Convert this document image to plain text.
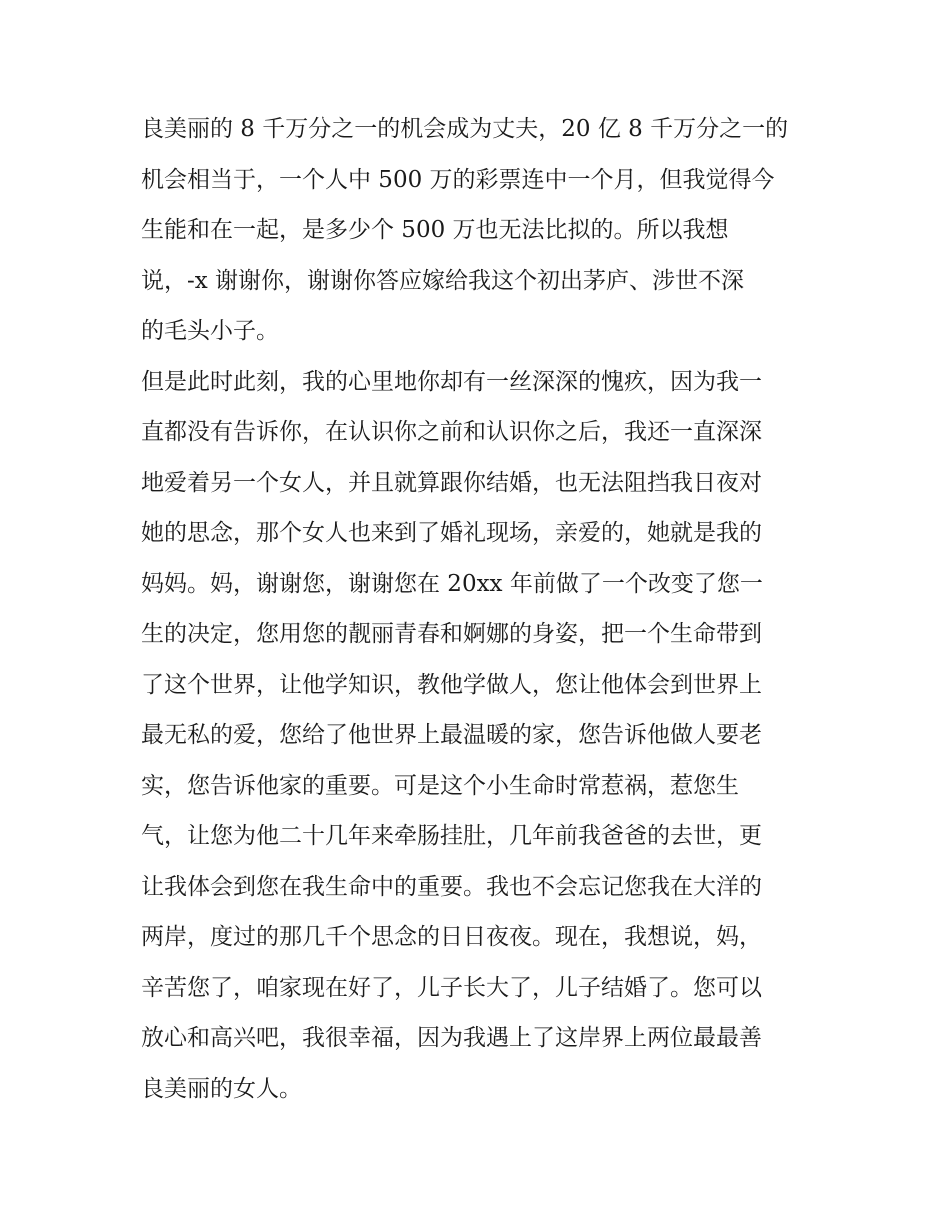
良美丽的 8 千万分之一的机会成为丈夫，20 亿 8 千万分之一的
机会相当于，一个人中 500 万的彩票连中一个月，但我觉得今
生能和在一起，是多少个 500 万也无法比拟的。所以我想
说，-x 谢谢你，谢谢你答应嫁给我这个初出茅庐、涉世不深
的毛头小子。
但是此时此刻，我的心里地你却有一丝深深的愧疚，因为我一
直都没有告诉你，在认识你之前和认识你之后，我还一直深深
地爱着另一个女人，并且就算跟你结婚，也无法阻挡我日夜对
她的思念，那个女人也来到了婚礼现场，亲爱的，她就是我的
妈妈。妈，谢谢您，谢谢您在 20xx 年前做了一个改变了您一
生的决定，您用您的靓丽青春和婀娜的身姿，把一个生命带到
了这个世界，让他学知识，教他学做人，您让他体会到世界上
最无私的爱，您给了他世界上最温暖的家，您告诉他做人要老
实，您告诉他家的重要。可是这个小生命时常惹祸，惹您生
气，让您为他二十几年来牵肠挂肚，几年前我爸爸的去世，更
让我体会到您在我生命中的重要。我也不会忘记您我在大洋的
两岸，度过的那几千个思念的日日夜夜。现在，我想说，妈，
辛苦您了，咱家现在好了，儿子长大了，儿子结婚了。您可以
放心和高兴吧，我很幸福，因为我遇上了这岸界上两位最最善
良美丽的女人。
